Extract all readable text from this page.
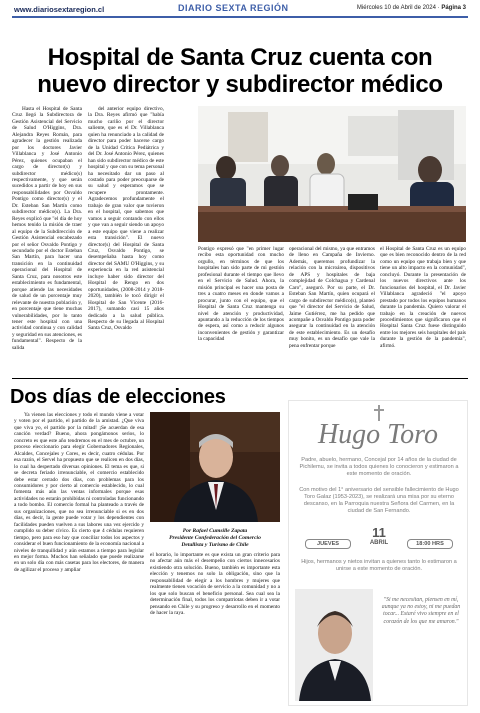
www.diariosextaregion.cl	DIARIO SEXTA REGIÓN	Miércoles 10 de Abril de 2024 · Página 3
Hospital de Santa Cruz cuenta con
nuevo director y subdirector médico

Hasta el Hospital de Santa Cruz llegó la Subdirectora de Gestión Asistencial del Servicio de Salud O'Higgins, Dra. Alejandra Reyes Román, para agradecer la gestión realizada por los doctores Javier Villablanca y José Antonio Pérez, quienes ocupaban el cargo de director(s) y subdirector médico(s) respectivamente, y que serán sucedidos a partir de hoy en sus responsabilidades por Osvaldo Pontigo como director(s) y el Dr. Esteban San Martín como subdirector médico(s). La Dra. Reyes explicó que "el día de hoy hemos tenido la misión de traer al equipo de la Subdirección de Gestión Asistencial encabezado por el señor Osvaldo Pontigo y secundado por el doctor Esteban San Martín, para hacer una transición en la continuidad operacional del Hospital de Santa Cruz, para nosotros este establecimiento es fundamental, porque atiende las necesidades de salud de un porcentaje muy relevante de nuestra población y, en porcentaje que tiene muchas vulnerabilidades, por lo tanto tener este hospital con una actividad continua y con calidad y seguridad en sus atenciones, es fundamental". Respecto de la salida

del anterior equipo directivo, la Dra. Reyes afirmó que "había mucho cariño por el director saliente, que es el Dr. Villablanca quien ha renunciado a la calidad de director para poder hacerse cargo de la Unidad Crítica Pediátrica y del Dr. José Antonio Pérez, quienes han sido subdirector médico de este hospital y que con su tema personal ha necesitado dar un paso al costado para poder preocuparse de su salud y esperamos que se recupere prontamente. Agradecemos profundamente el trabajo de gran valor que tuvieron en el hospital, que sabemos que vamos a seguir contando con ellos y que van a seguir siendo un apoyo a este equipo que viene a realizar esta transición". El nuevo director(s) del Hospital de Santa Cruz, Osvaldo Pontigo, se desempeñaba hasta hoy como director del SAMU O'Higgins, y su experiencia en la red asistencial incluye haber sido director del Hospital de Rengo en dos oportunidades, (2008-2014 y 2018-2020), también le tocó dirigir el Hospital de San Vicente (2016-2017), sumando casi 15 años dedicado a la salud pública. Respecto de su llegada al Hospital Santa Cruz, Osvaldo

Pontigo expresó que "en primer lugar recibo esta oportunidad con mucho orgullo, en términos de que los hospitales han sido parte de mi gestión profesional durante el tiempo que llevo en el Servicio de Salud. Ahora, la misión principal es hacer una posta de tres a cuatro meses en donde vamos a procurar, junto con el equipo, que el Hospital de Santa Cruz mantenga su nivel de atención y productividad, apuntando a la reducción de los tiempos de espera, así como a reducir algunos inconvenientes de gestión y garantizar la capacidad

operacional del mismo, ya que entramos de lleno en Campaña de Invierno. Además, queremos profundizar la relación con la microárea, dispositivos de APS y hospitales de baja complejidad de Colchagua y Cardenal Caro", aseguró. Por su parte, el Dr. Esteban San Martín, quien ocupará el cargo de subdirector médico(s), planteó que "el director del Servicio de Salud, Jaime Gutiérrez, me ha pedido que acompañe a Osvaldo Pontigo para poder asegurar la continuidad en la atención de este establecimiento. Es un desafío muy bonito, es un desafío que vale la pena enfrentar porque

el Hospital de Santa Cruz es un equipo que es bien reconocido dentro de la red como un equipo que trabaja bien y que tiene un alto impacto en la comunidad", concluyó. Durante la presentación de los nuevos directivos ante los funcionarios del hospital, el Dr. Javier Villablanca agradeció "el apoyo prestado por todos los equipos humanos durante la pandemia. Quiero valorar el trabajo en la creación de nuevos procedimientos que significaron que el Hospital Santa Cruz fuese distinguido entre los mejores seis hospitales del país durante la gestión de la pandemia", afirmó.

Dos días de elecciones

Ya vienen las elecciones y todo el mundo viene a votar y voten por el partido, el partido de la amistad. ¿Que viva que viva yo, el partido por la mitad! ¡Se acuerdan de esa canción verdad? Bueno, ahora pongámonos serios, lo concreto es que este año tendremos en el mes de octubre, un proceso eleccionario para elegir Gobernadores Regionales, Alcaldes, Concejales y Cores, es decir, cuatro cédulas. Por esa razón, el Servel ha propuesto que se realicen en dos días, lo cual ha despertado diversas opiniones. El tema es que, si se decreta feriado irrenunciable, el comercio establecido debe estar cerrado dos días, con problemas para los consumidores y por cierto al comercio establecido, lo cual fomenta más aún las ventas informales porque esas actividades no estarán prohibidas ni controladas funcionando a todo bombo. El comercio formal ha planteado a través de sus organizaciones, que no sea irrenunciable si es en dos días, es decir, la gente puede votar y los dependientes con facilidades pueden vuelven a sus labores una vez ejercido y cumplido su deber cívico. Es cierto que 4 cédulas requieren tiempo, pero para eso hay que conciliar todos los aspectos y considerar el buen funcionamiento de la economía nacional a niveles de tranquilidad y aún estamos a tiempo para legislar en mejor forma. Muchos han señalado que puede realizarse en un solo día con más casetas para los electores, de manera de agilizar el proceso y ampliar

Por Rafael Cumsille Zapata
Presidente Confederación del Comercio
Detallista y Turismo de Chile

el horario, lo importante es que exista un gran criterio para no afectar aún más el desempeño con ciertos innecesarios existiendo otra solución. Bueno, también es importante esta elección y tenemos no solo la obligación, sino que la responsabilidad de elegir a los hombres y mujeres que realmente tienen vocación de servicio a la comunidad y no a los que solo buscan el beneficio personal. Sea cual sea la determinación final, todos los compatriotas deben ir a votar pensando en Chile y su progreso y desarrollo en el momento de hacer la raya.

Hugo Toro
Padre, abuelo, hermano, Concejal por 14 años de la ciudad de Pichilemu, se invita a todos quienes lo conocieron y estimaron a este momento de oración.
Con motivo del 1° aniversario del sensible fallecimiento de Hugo Toro Galaz (1953-2023), se realizará una misa por su eterno descanso, en la Parroquia nuestra Señora del Carmen, en la ciudad de San Fernando.
11
JUEVES	ABRIL	18:00 HRS
Hijos, hermanos y nietos invitan a quienes tanto lo estimaron a unirse a este momento de oración.
"Si me necesitan, piensen en mí, aunque ya no estoy, ni me puedan tocar... Estaré vivo siempre en el corazón de los que me amaron."
